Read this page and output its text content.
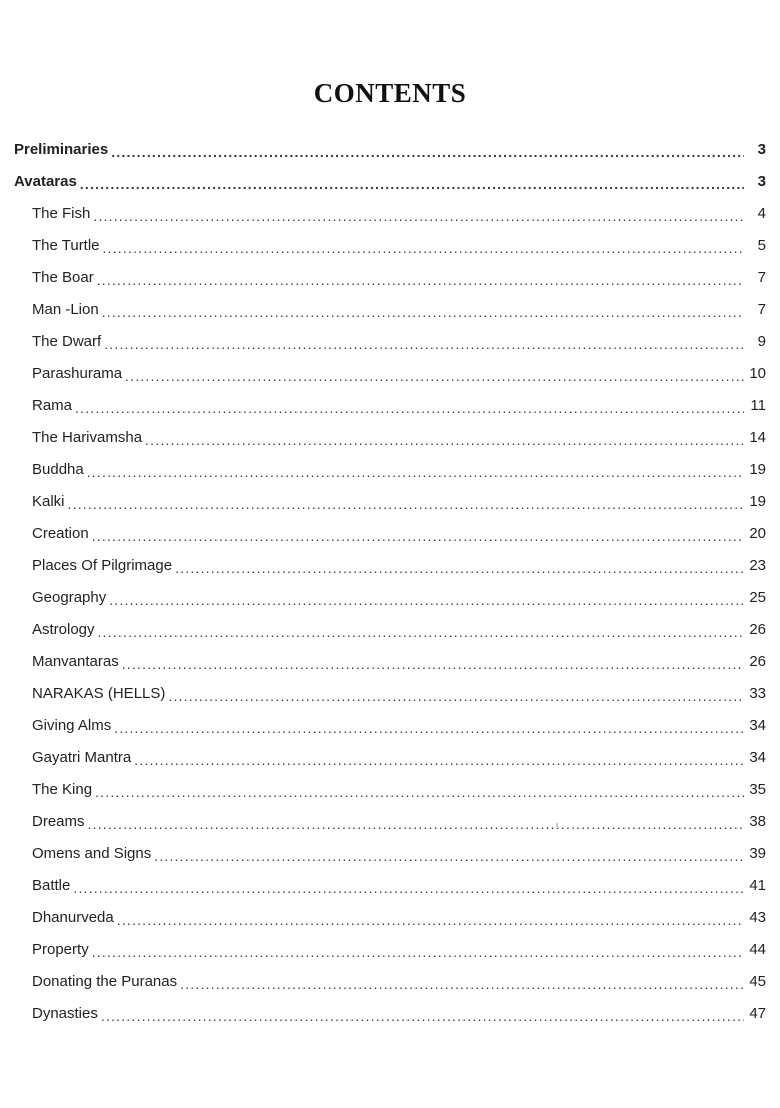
CONTENTS
Preliminaries .....	3
Avataras .....	3
The Fish .....	4
The Turtle .....	5
The Boar .....	7
Man -Lion .....	7
The Dwarf .....	9
Parashurama .....	10
Rama .....	11
The Harivamsha .....	14
Buddha .....	19
Kalki .....	19
Creation .....	20
Places Of Pilgrimage .....	23
Geography .....	25
Astrology .....	26
Manvantaras .....	26
NARAKAS (HELLS) .....	33
Giving Alms .....	34
Gayatri Mantra .....	34
The King .....	35
Dreams .....	38
Omens and Signs .....	39
Battle .....	41
Dhanurveda .....	43
Property .....	44
Donating the Puranas .....	45
Dynasties .....	47
